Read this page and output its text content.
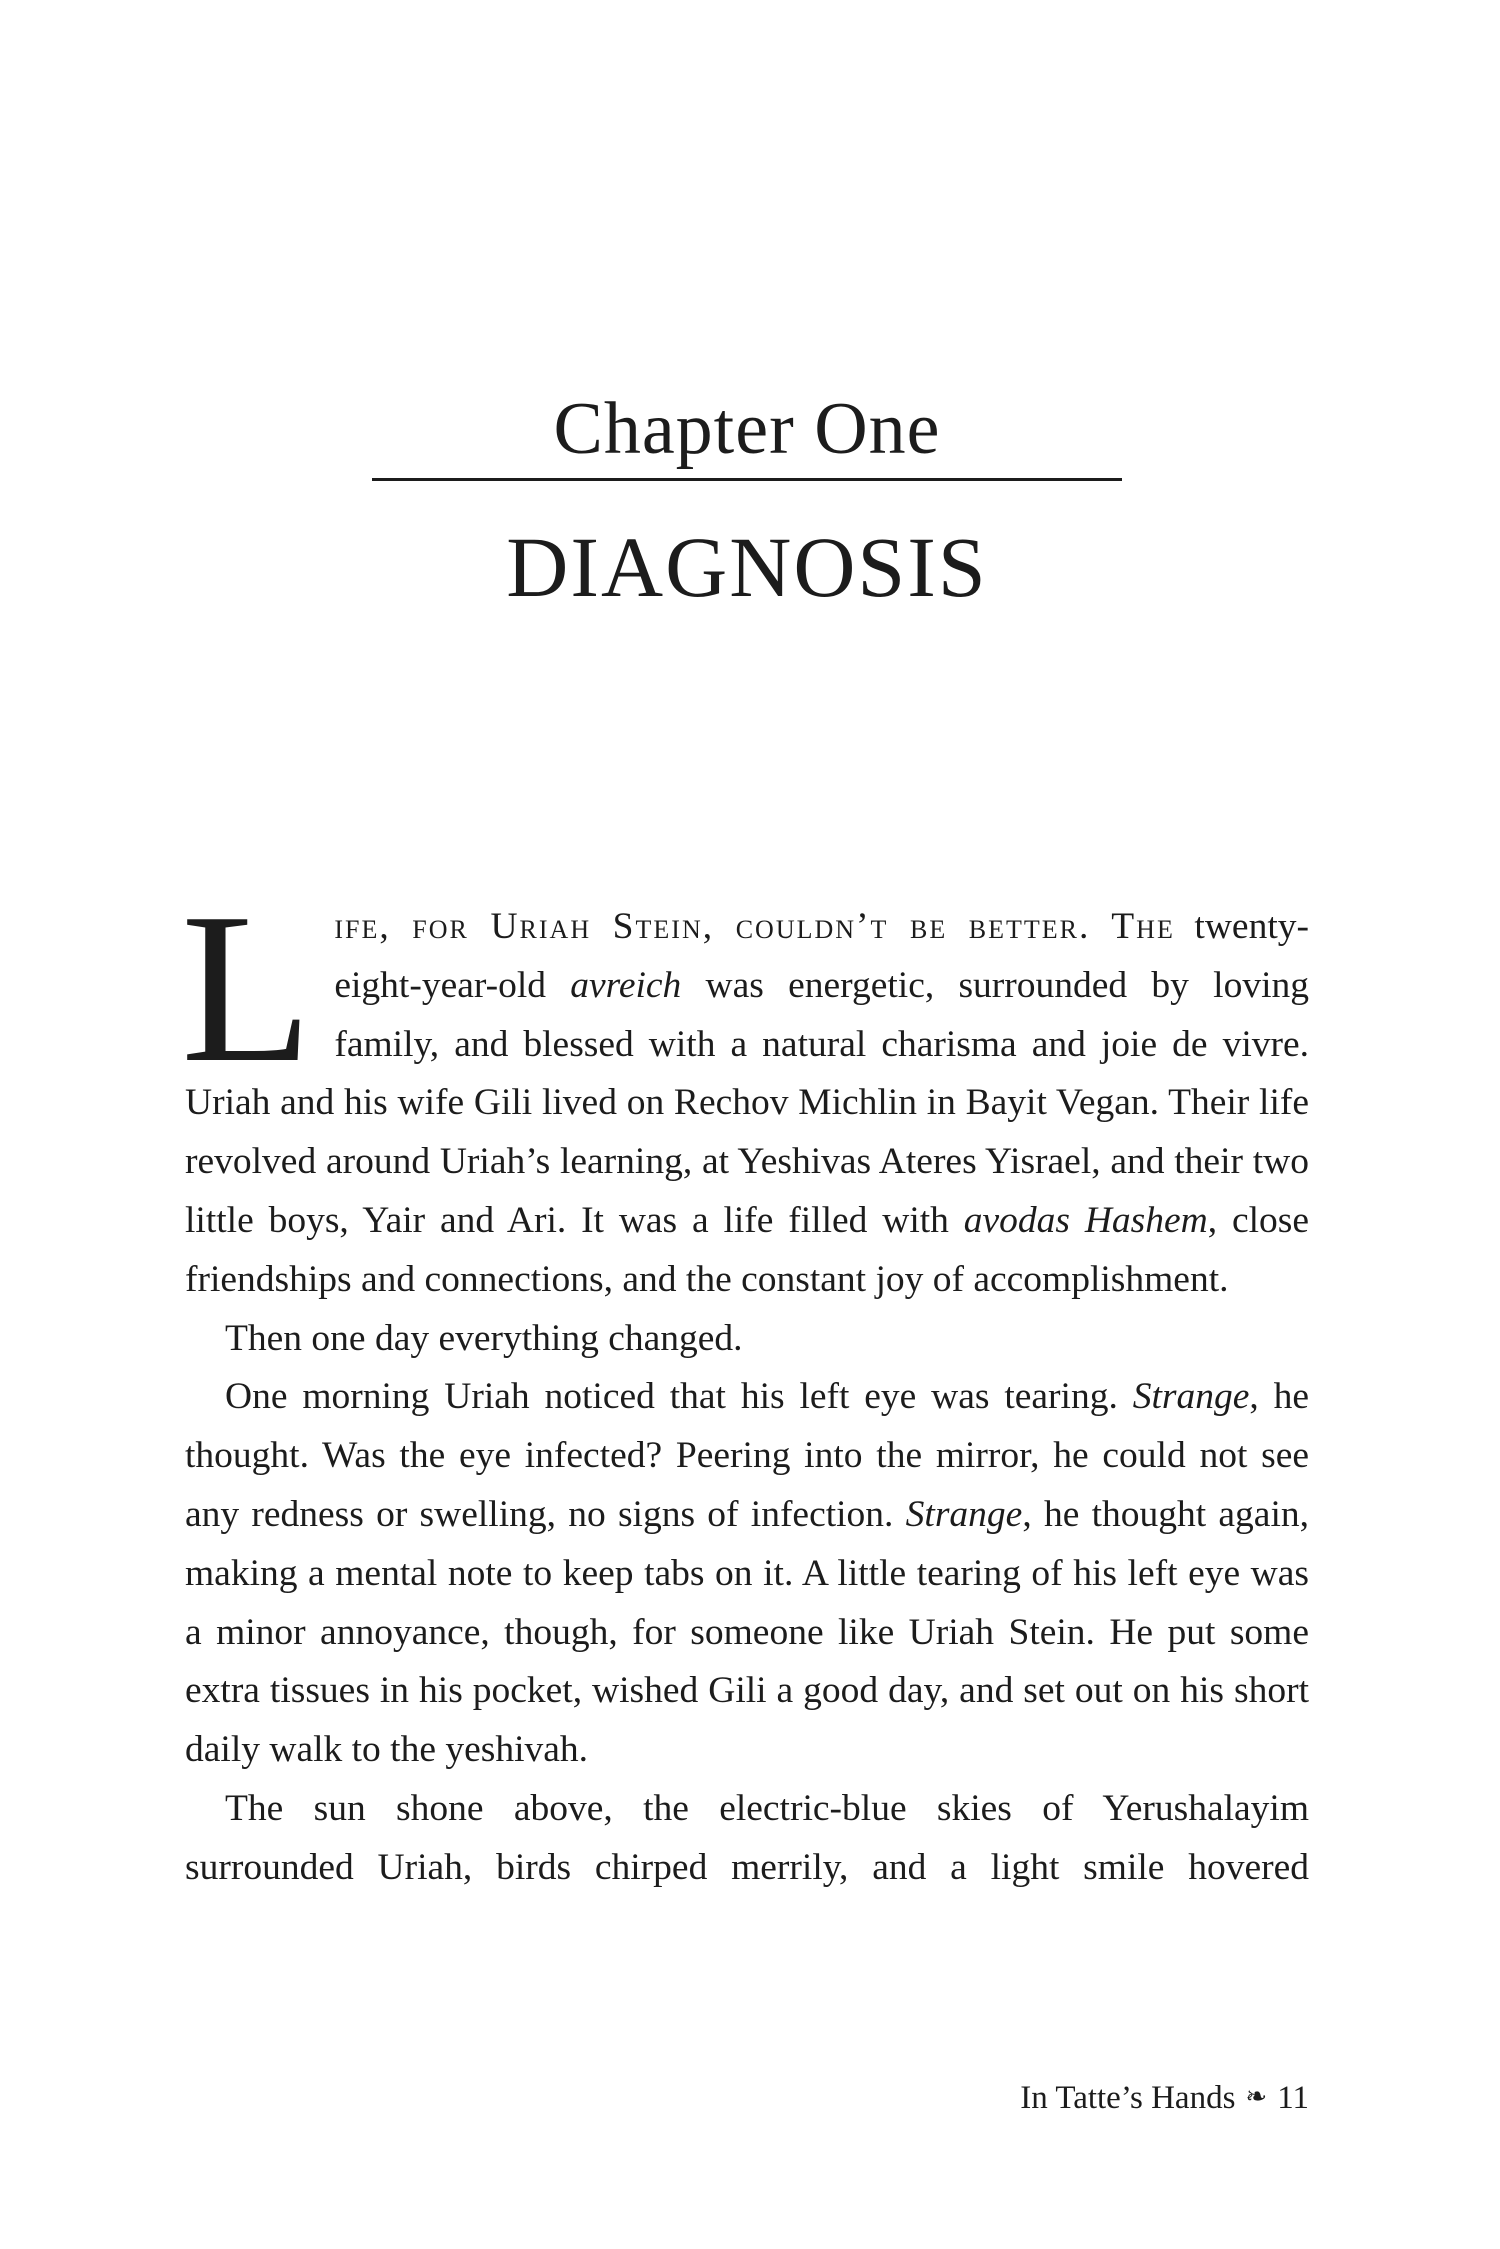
Chapter One
DIAGNOSIS

L ife, for Uriah Stein, couldn’t be better. The twenty-eight-year-old avreich was energetic, surrounded by loving family, and blessed with a natural charisma and joie de vivre. Uriah and his wife Gili lived on Rechov Michlin in Bayit Vegan. Their life revolved around Uriah’s learning, at Yeshivas Ateres Yisrael, and their two little boys, Yair and Ari. It was a life filled with avodas Hashem, close friendships and connections, and the constant joy of accomplishment.

Then one day everything changed.

One morning Uriah noticed that his left eye was tearing. Strange, he thought. Was the eye infected? Peering into the mirror, he could not see any redness or swelling, no signs of infection. Strange, he thought again, making a mental note to keep tabs on it. A little tearing of his left eye was a minor annoyance, though, for someone like Uriah Stein. He put some extra tissues in his pocket, wished Gili a good day, and set out on his short daily walk to the yeshivah.

The sun shone above, the electric-blue skies of Yerushalayim surrounded Uriah, birds chirped merrily, and a light smile hovered

In Tatte’s Hands ❧ 11
